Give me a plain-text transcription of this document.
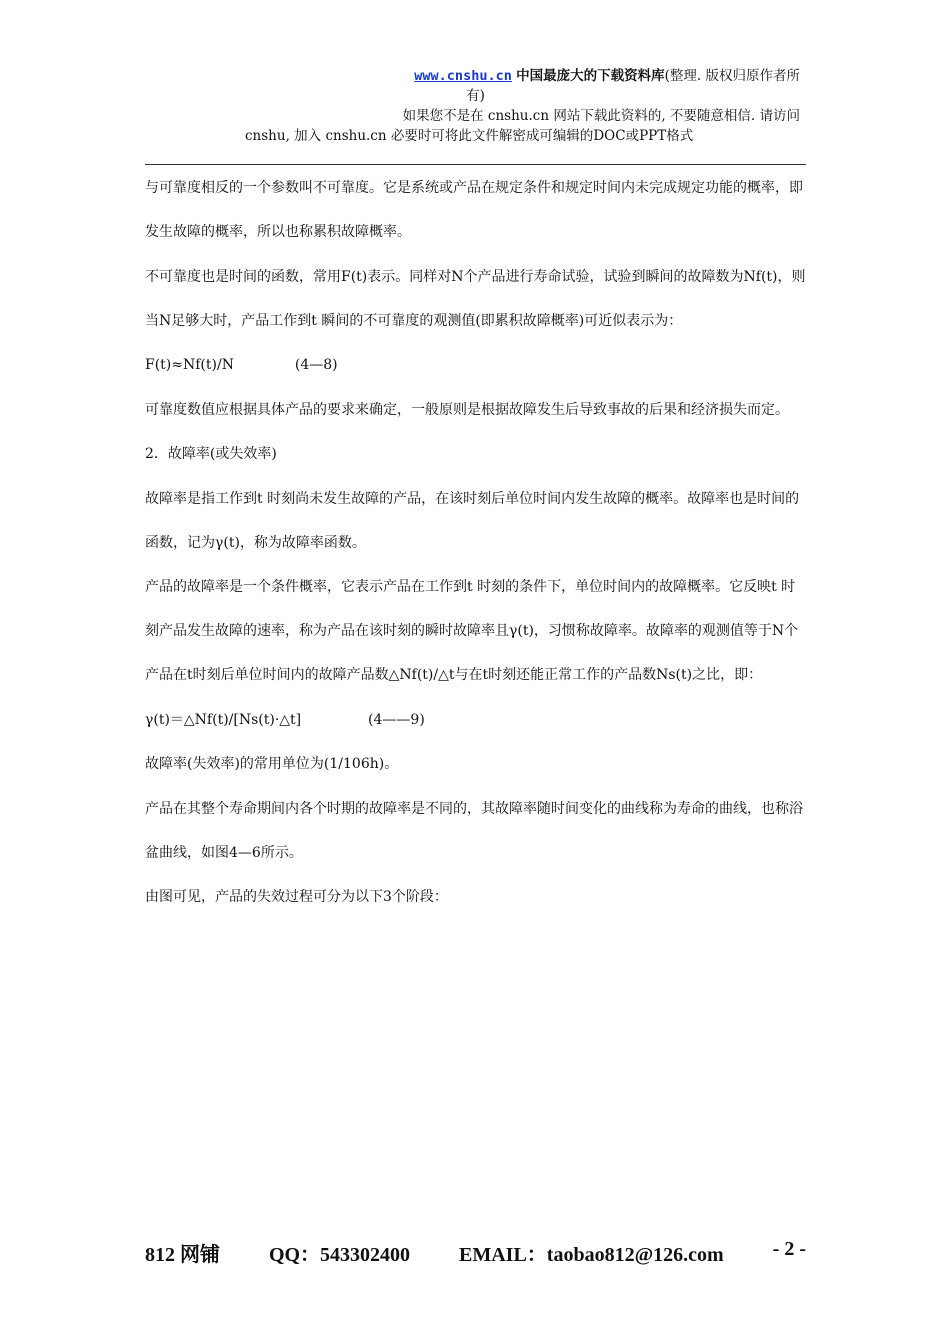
www.cnshu.cn 中国最庞大的下载资料库(整理. 版权归原作者所
有)
如果您不是在 cnshu.cn 网站下载此资料的, 不要随意相信. 请访问
cnshu, 加入 cnshu.cn 必要时可将此文件解密成可编辑的DOC或PPT格式

与可靠度相反的一个参数叫不可靠度。它是系统或产品在规定条件和规定时间内未完成规定功能的概率，即发生故障的概率，所以也称累积故障概率。

不可靠度也是时间的函数，常用F(t)表示。同样对N个产品进行寿命试验，试验到瞬间的故障数为Nf(t)，则当N足够大时，产品工作到t 瞬间的不可靠度的观测值(即累积故障概率)可近似表示为：

F(t)≈Nf(t)/N	(4—8)

可靠度数值应根据具体产品的要求来确定，一般原则是根据故障发生后导致事故的后果和经济损失而定。

2．故障率(或失效率)

故障率是指工作到t 时刻尚未发生故障的产品，在该时刻后单位时间内发生故障的概率。故障率也是时间的函数，记为γ(t)，称为故障率函数。

产品的故障率是一个条件概率，它表示产品在工作到t 时刻的条件下，单位时间内的故障概率。它反映t 时刻产品发生故障的速率，称为产品在该时刻的瞬时故障率且γ(t)，习惯称故障率。故障率的观测值等于N个产品在t时刻后单位时间内的故障产品数△Nf(t)/△t与在t时刻还能正常工作的产品数Ns(t)之比，即：

γ(t)＝△Nf(t)/[Ns(t)·△t]	(4——9)

故障率(失效率)的常用单位为(1/106h)。

产品在其整个寿命期间内各个时期的故障率是不同的，其故障率随时间变化的曲线称为寿命的曲线，也称浴盆曲线，如图4—6所示。

由图可见，产品的失效过程可分为以下3个阶段：

812 网铺 QQ：543302400 EMAIL：taobao812@126.com - 2 -
